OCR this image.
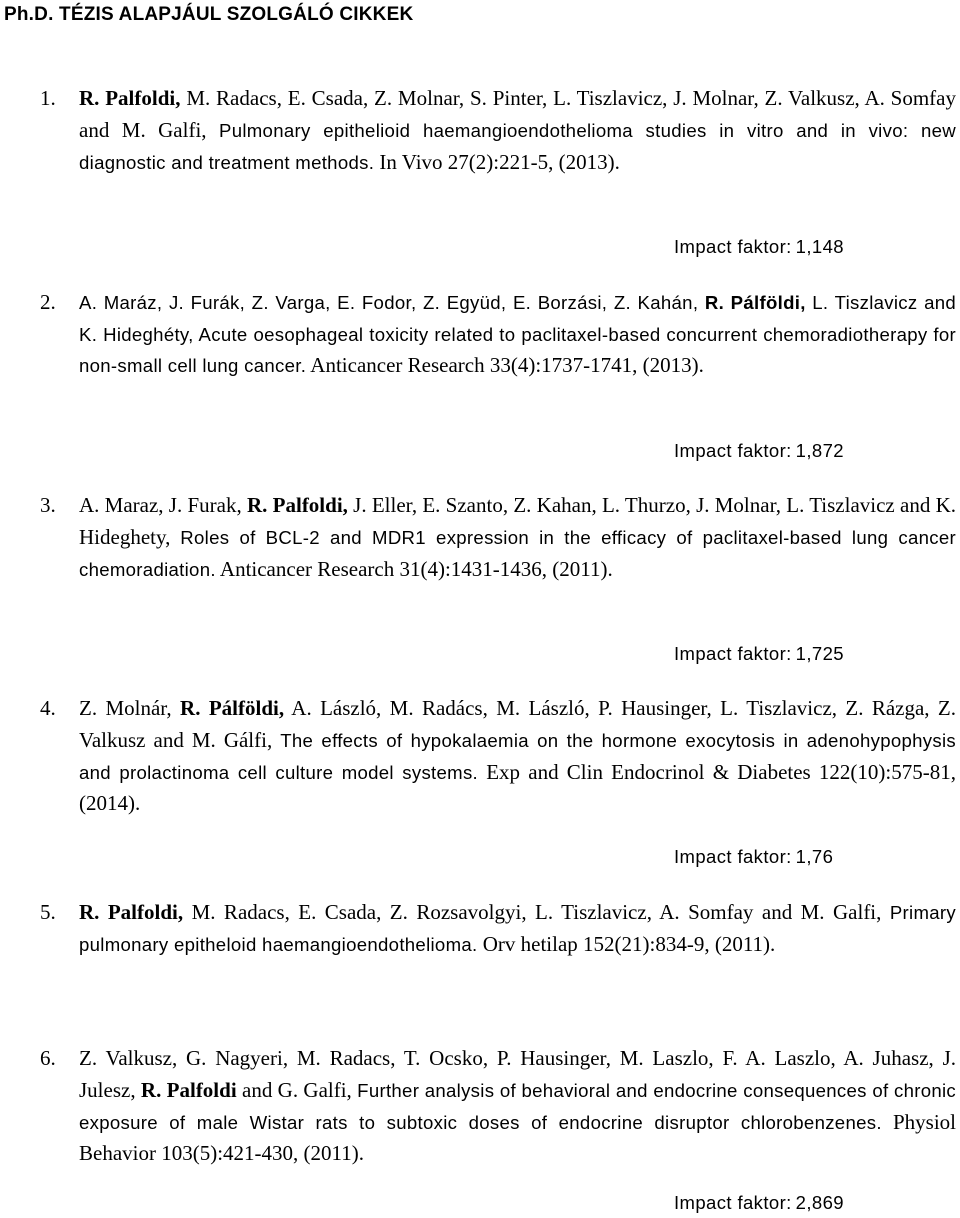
Ph.D. TÉZIS ALAPJÁUL SZOLGÁLÓ CIKKEK
1.	R. Palfoldi, M. Radacs, E. Csada, Z. Molnar, S. Pinter, L. Tiszlavicz, J. Molnar, Z. Valkusz, A. Somfay and M. Galfi, Pulmonary epithelioid haemangioendothelioma studies in vitro and in vivo: new diagnostic and treatment methods. In Vivo 27(2):221-5, (2013).
Impact faktor: 1,148
2.	A. Maráz, J. Furák, Z. Varga, E. Fodor, Z. Együd, E. Borzási, Z. Kahán, R. Pálföldi, L. Tiszlavicz and K. Hideghéty, Acute oesophageal toxicity related to paclitaxel-based concurrent chemoradiotherapy for non-small cell lung cancer. Anticancer Research 33(4):1737-1741, (2013).
Impact faktor: 1,872
3.	A. Maraz, J. Furak, R. Palfoldi, J. Eller, E. Szanto, Z. Kahan, L. Thurzo, J. Molnar, L. Tiszlavicz and K. Hideghety, Roles of BCL-2 and MDR1 expression in the efficacy of paclitaxel-based lung cancer chemoradiation. Anticancer Research 31(4):1431-1436, (2011).
Impact faktor: 1,725
4.	Z. Molnár, R. Pálföldi, A. László, M. Radács, M. László, P. Hausinger, L. Tiszlavicz, Z. Rázga, Z. Valkusz and M. Gálfi, The effects of hypokalaemia on the hormone exocytosis in adenohypophysis and prolactinoma cell culture model systems. Exp and Clin Endocrinol & Diabetes 122(10):575-81, (2014).
Impact faktor: 1,76
5.	R. Palfoldi, M. Radacs, E. Csada, Z. Rozsavolgyi, L. Tiszlavicz, A. Somfay and M. Galfi, Primary pulmonary epitheloid haemangioendothelioma. Orv hetilap 152(21):834-9, (2011).
6.	Z. Valkusz, G. Nagyeri, M. Radacs, T. Ocsko, P. Hausinger, M. Laszlo, F. A. Laszlo, A. Juhasz, J. Julesz, R. Palfoldi and G. Galfi, Further analysis of behavioral and endocrine consequences of chronic exposure of male Wistar rats to subtoxic doses of endocrine disruptor chlorobenzenes. Physiol Behavior 103(5):421-430, (2011).
Impact faktor: 2,869
